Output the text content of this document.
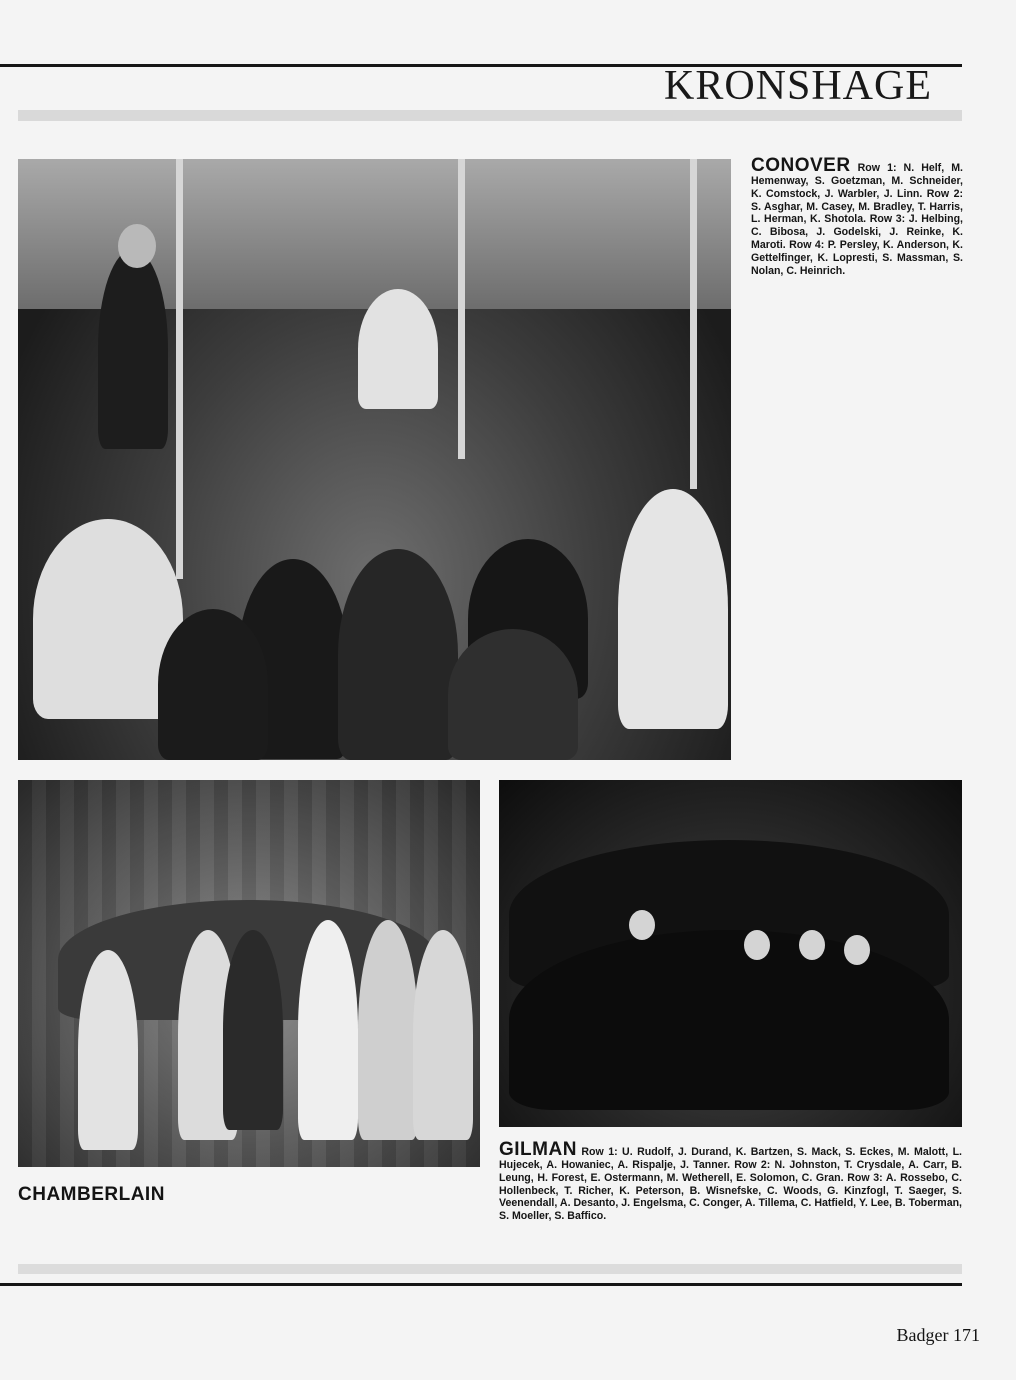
KRONSHAGE
CONOVER Row 1: N. Helf, M. Hemenway, S. Goetzman, M. Schneider, K. Comstock, J. Warbler, J. Linn. Row 2: S. Asghar, M. Casey, M. Bradley, T. Harris, L. Herman, K. Shotola. Row 3: J. Helbing, C. Bibosa, J. Godelski, J. Reinke, K. Maroti. Row 4: P. Persley, K. Anderson, K. Gettelfinger, K. Lopresti, S. Massman, S. Nolan, C. Heinrich.
CHAMBERLAIN
GILMAN Row 1: U. Rudolf, J. Durand, K. Bartzen, S. Mack, S. Eckes, M. Malott, L. Hujecek, A. Howaniec, A. Rispalje, J. Tanner. Row 2: N. Johnston, T. Crysdale, A. Carr, B. Leung, H. Forest, E. Ostermann, M. Wetherell, E. Solomon, C. Gran. Row 3: A. Rossebo, C. Hollenbeck, T. Richer, K. Peterson, B. Wisnefske, C. Woods, G. Kinzfogl, T. Saeger, S. Veenendall, A. Desanto, J. Engelsma, C. Conger, A. Tillema, C. Hatfield, Y. Lee, B. Toberman, S. Moeller, S. Baffico.
Badger 171
